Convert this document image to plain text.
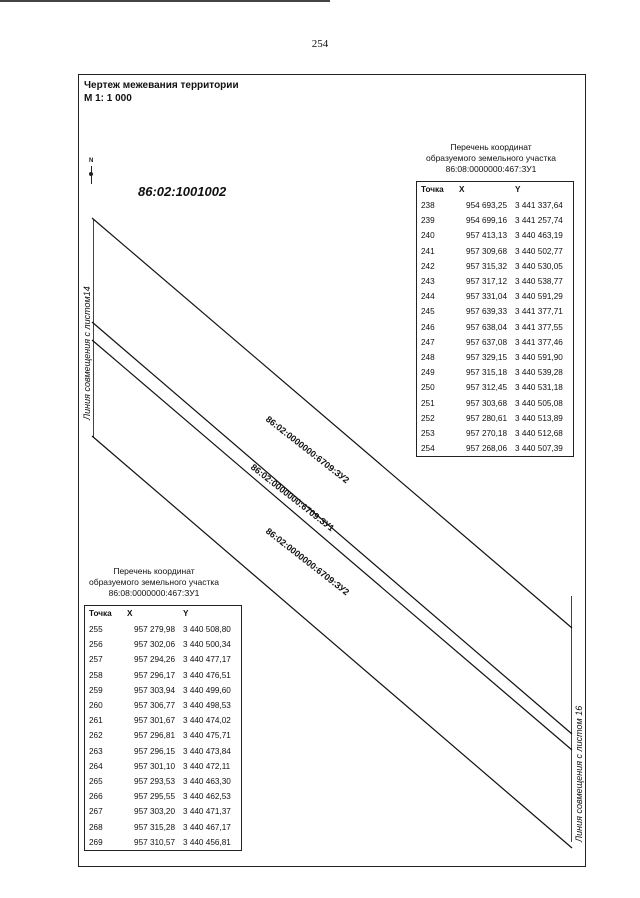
254
Чертеж межевания территории
М 1: 1 000
N
86:02:1001002
Линия совмещения с листом14
Линия совмещения с листом 16
86:02:0000000:6709:ЗУ2
86:02:0000000:6709:ЗУ1
86:02:0000000:6709:ЗУ2
Перечень координат
образуемого земельного участка
86:08:0000000:467:ЗУ1
Точка	X	Y
238	954 693,25	3 441 337,64
239	954 699,16	3 441 257,74
240	957 413,13	3 440 463,19
241	957 309,68	3 440 502,77
242	957 315,32	3 440 530,05
243	957 317,12	3 440 538,77
244	957 331,04	3 440 591,29
245	957 639,33	3 441 377,71
246	957 638,04	3 441 377,55
247	957 637,08	3 441 377,46
248	957 329,15	3 440 591,90
249	957 315,18	3 440 539,28
250	957 312,45	3 440 531,18
251	957 303,68	3 440 505,08
252	957 280,61	3 440 513,89
253	957 270,18	3 440 512,68
254	957 268,06	3 440 507,39
Перечень координат
образуемого земельного участка
86:08:0000000:467:ЗУ1
Точка	X	Y
255	957 279,98	3 440 508,80
256	957 302,06	3 440 500,34
257	957 294,26	3 440 477,17
258	957 296,17	3 440 476,51
259	957 303,94	3 440 499,60
260	957 306,77	3 440 498,53
261	957 301,67	3 440 474,02
262	957 296,81	3 440 475,71
263	957 296,15	3 440 473,84
264	957 301,10	3 440 472,11
265	957 293,53	3 440 463,30
266	957 295,55	3 440 462,53
267	957 303,20	3 440 471,37
268	957 315,28	3 440 467,17
269	957 310,57	3 440 456,81
